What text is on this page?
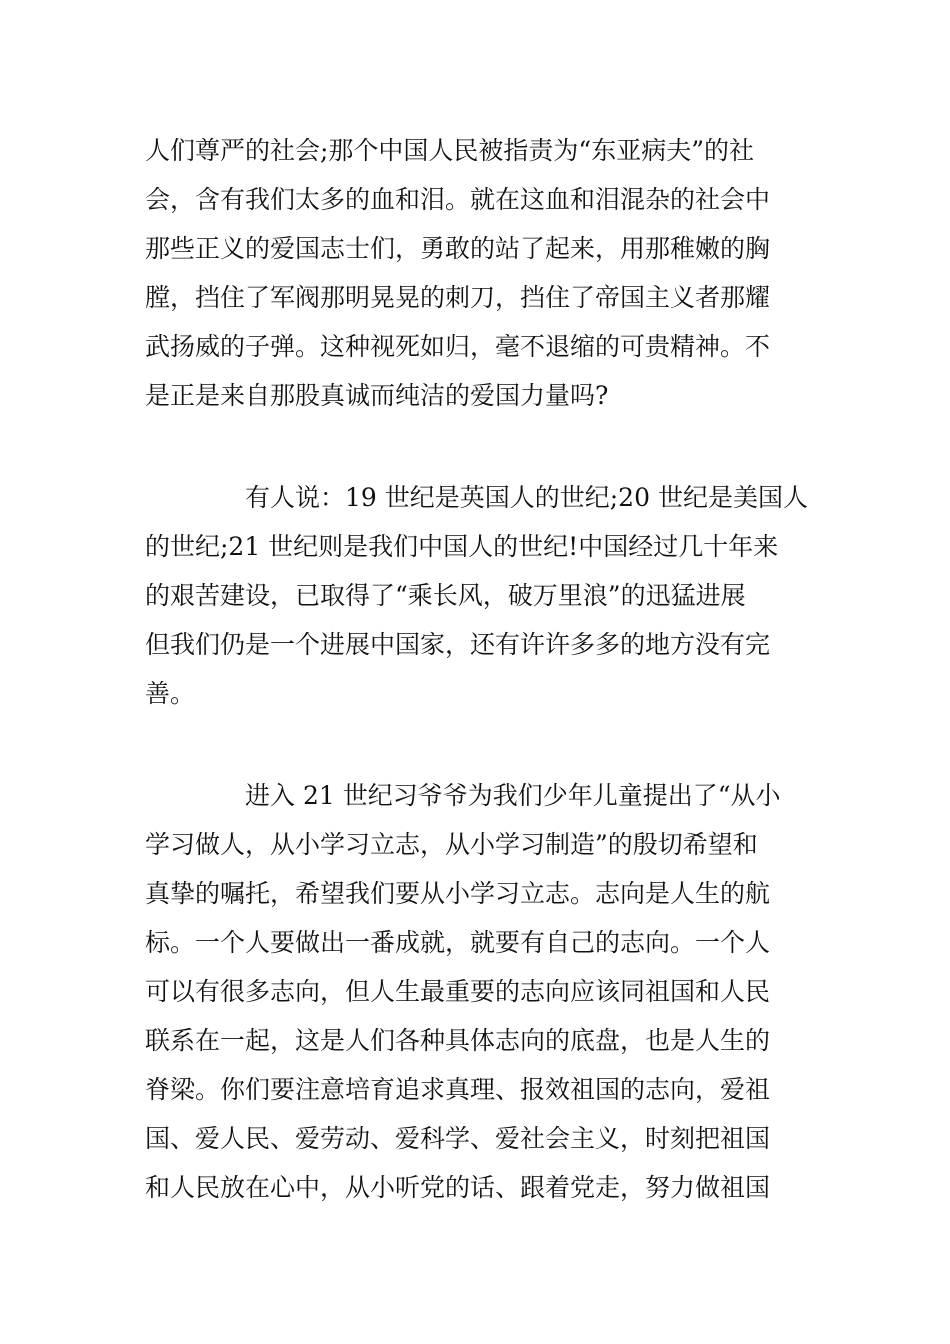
人们尊严的社会;那个中国人民被指责为“东亚病夫”的社
会，含有我们太多的血和泪。就在这血和泪混杂的社会中
那些正义的爱国志士们，勇敢的站了起来，用那稚嫩的胸
膛，挡住了军阀那明晃晃的刺刀，挡住了帝国主义者那耀
武扬威的子弹。这种视死如归，毫不退缩的可贵精神。不
是正是来自那股真诚而纯洁的爱国力量吗?
有人说：19 世纪是英国人的世纪;20 世纪是美国人
的世纪;21 世纪则是我们中国人的世纪!中国经过几十年来
的艰苦建设，已取得了“乘长风，破万里浪”的迅猛进展
但我们仍是一个进展中国家，还有许许多多的地方没有完
善。
进入 21 世纪习爷爷为我们少年儿童提出了“从小
学习做人，从小学习立志，从小学习制造”的殷切希望和
真挚的嘱托，希望我们要从小学习立志。志向是人生的航
标。一个人要做出一番成就，就要有自己的志向。一个人
可以有很多志向，但人生最重要的志向应该同祖国和人民
联系在一起，这是人们各种具体志向的底盘，也是人生的
脊梁。你们要注意培育追求真理、报效祖国的志向，爱祖
国、爱人民、爱劳动、爱科学、爱社会主义，时刻把祖国
和人民放在心中，从小听党的话、跟着党走，努力做祖国
